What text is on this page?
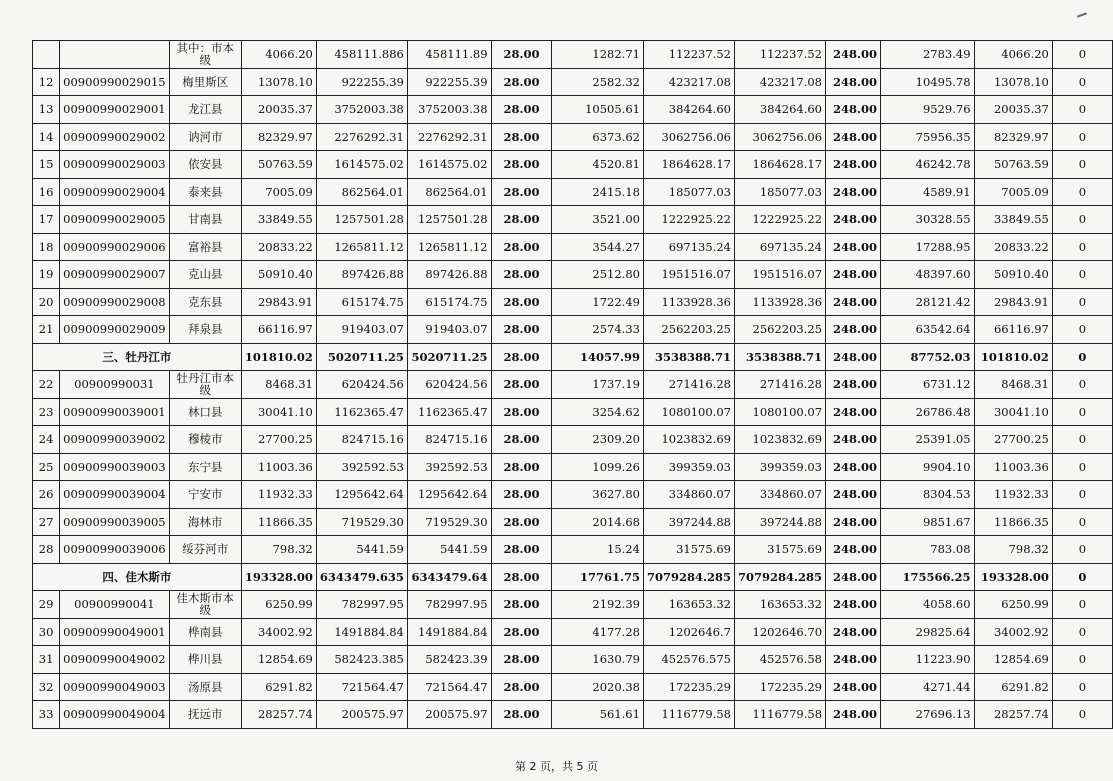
		其中：市本级	4066.20	458111.886	458111.89	28.00	1282.71	112237.52	112237.52	248.00	2783.49	4066.20	0
12	00900990029015	梅里斯区	13078.10	922255.39	922255.39	28.00	2582.32	423217.08	423217.08	248.00	10495.78	13078.10	0
13	00900990029001	龙江县	20035.37	3752003.38	3752003.38	28.00	10505.61	384264.60	384264.60	248.00	9529.76	20035.37	0
14	00900990029002	讷河市	82329.97	2276292.31	2276292.31	28.00	6373.62	3062756.06	3062756.06	248.00	75956.35	82329.97	0
15	00900990029003	依安县	50763.59	1614575.02	1614575.02	28.00	4520.81	1864628.17	1864628.17	248.00	46242.78	50763.59	0
16	00900990029004	泰来县	7005.09	862564.01	862564.01	28.00	2415.18	185077.03	185077.03	248.00	4589.91	7005.09	0
17	00900990029005	甘南县	33849.55	1257501.28	1257501.28	28.00	3521.00	1222925.22	1222925.22	248.00	30328.55	33849.55	0
18	00900990029006	富裕县	20833.22	1265811.12	1265811.12	28.00	3544.27	697135.24	697135.24	248.00	17288.95	20833.22	0
19	00900990029007	克山县	50910.40	897426.88	897426.88	28.00	2512.80	1951516.07	1951516.07	248.00	48397.60	50910.40	0
20	00900990029008	克东县	29843.91	615174.75	615174.75	28.00	1722.49	1133928.36	1133928.36	248.00	28121.42	29843.91	0
21	00900990029009	拜泉县	66116.97	919403.07	919403.07	28.00	2574.33	2562203.25	2562203.25	248.00	63542.64	66116.97	0
三、牡丹江市			101810.02	5020711.25	5020711.25	28.00	14057.99	3538388.71	3538388.71	248.00	87752.03	101810.02	0
22	00900990031	牡丹江市本级	8468.31	620424.56	620424.56	28.00	1737.19	271416.28	271416.28	248.00	6731.12	8468.31	0
23	00900990039001	林口县	30041.10	1162365.47	1162365.47	28.00	3254.62	1080100.07	1080100.07	248.00	26786.48	30041.10	0
24	00900990039002	穆棱市	27700.25	824715.16	824715.16	28.00	2309.20	1023832.69	1023832.69	248.00	25391.05	27700.25	0
25	00900990039003	东宁县	11003.36	392592.53	392592.53	28.00	1099.26	399359.03	399359.03	248.00	9904.10	11003.36	0
26	00900990039004	宁安市	11932.33	1295642.64	1295642.64	28.00	3627.80	334860.07	334860.07	248.00	8304.53	11932.33	0
27	00900990039005	海林市	11866.35	719529.30	719529.30	28.00	2014.68	397244.88	397244.88	248.00	9851.67	11866.35	0
28	00900990039006	绥芬河市	798.32	5441.59	5441.59	28.00	15.24	31575.69	31575.69	248.00	783.08	798.32	0
四、佳木斯市			193328.00	6343479.635	6343479.64	28.00	17761.75	7079284.285	7079284.285	248.00	175566.25	193328.00	0
29	00900990041	佳木斯市本级	6250.99	782997.95	782997.95	28.00	2192.39	163653.32	163653.32	248.00	4058.60	6250.99	0
30	00900990049001	桦南县	34002.92	1491884.84	1491884.84	28.00	4177.28	1202646.7	1202646.70	248.00	29825.64	34002.92	0
31	00900990049002	桦川县	12854.69	582423.385	582423.39	28.00	1630.79	452576.575	452576.58	248.00	11223.90	12854.69	0
32	00900990049003	汤原县	6291.82	721564.47	721564.47	28.00	2020.38	172235.29	172235.29	248.00	4271.44	6291.82	0
33	00900990049004	抚远市	28257.74	200575.97	200575.97	28.00	561.61	1116779.58	1116779.58	248.00	27696.13	28257.74	0
第 2 页，共 5 页
